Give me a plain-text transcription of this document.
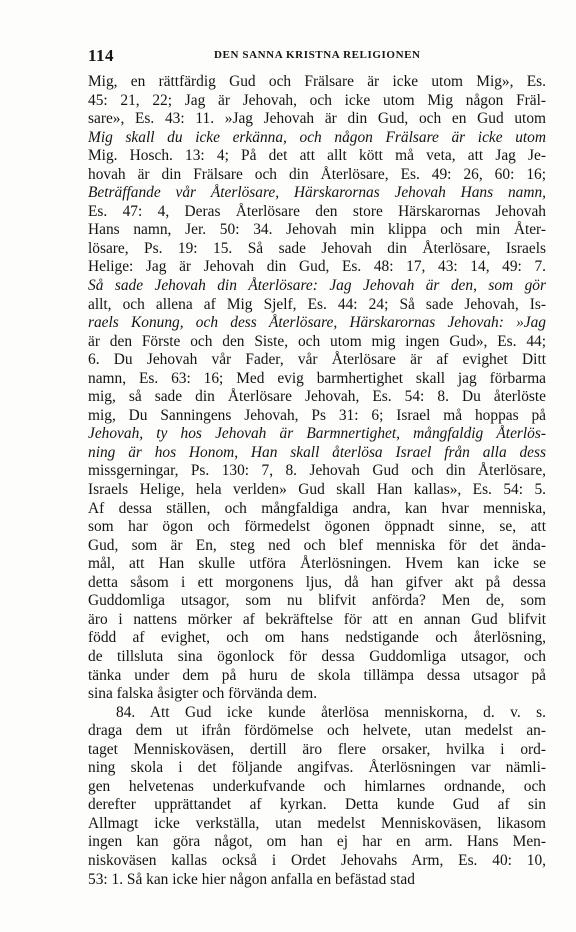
114	DEN SANNA KRISTNA RELIGIONEN
Mig, en rättfärdig Gud och Frälsare är icke utom Mig», Es.
45: 21, 22; Jag är Jehovah, och icke utom Mig någon Fräl-
sare», Es. 43: 11. »Jag Jehovah är din Gud, och en Gud utom
Mig skall du icke erkänna, och någon Frälsare är icke utom
Mig. Hosch. 13: 4; På det att allt kött må veta, att Jag Je-
hovah är din Frälsare och din Återlösare, Es. 49: 26, 60: 16;
Beträffande vår Återlösare, Härskarornas Jehovah Hans namn,
Es. 47: 4, Deras Återlösare den store Härskarornas Jehovah
Hans namn, Jer. 50: 34. Jehovah min klippa och min Åter-
lösare, Ps. 19: 15. Så sade Jehovah din Återlösare, Israels
Helige: Jag är Jehovah din Gud, Es. 48: 17, 43: 14, 49: 7.
Så sade Jehovah din Återlösare: Jag Jehovah är den, som gör
allt, och allena af Mig Sjelf, Es. 44: 24; Så sade Jehovah, Is-
raels Konung, och dess Återlösare, Härskarornas Jehovah: »Jag
är den Förste och den Siste, och utom mig ingen Gud», Es. 44;
6. Du Jehovah vår Fader, vår Återlösare är af evighet Ditt
namn, Es. 63: 16; Med evig barmhertighet skall jag förbarma
mig, så sade din Återlösare Jehovah, Es. 54: 8. Du återlöste
mig, Du Sanningens Jehovah, Ps 31: 6; Israel må hoppas på
Jehovah, ty hos Jehovah är Barmnertighet, mångfaldig Återlös-
ning är hos Honom, Han skall återlösa Israel från alla dess
missgerningar, Ps. 130: 7, 8. Jehovah Gud och din Återlösare,
Israels Helige, hela verlden» Gud skall Han kallas», Es. 54: 5.
Af dessa ställen, och mångfaldiga andra, kan hvar menniska,
som har ögon och förmedelst ögonen öppnadt sinne, se, att
Gud, som är En, steg ned och blef menniska för det ända-
mål, att Han skulle utföra Återlösningen. Hvem kan icke se
detta såsom i ett morgonens ljus, då han gifver akt på dessa
Guddomliga utsagor, som nu blifvit anförda? Men de, som
äro i nattens mörker af bekräftelse för att en annan Gud blifvit
född af evighet, och om hans nedstigande och återlösning,
de tillsluta sina ögonlock för dessa Guddomliga utsagor, och
tänka under dem på huru de skola tillämpa dessa utsagor på
sina falska åsigter och förvända dem.
84. Att Gud icke kunde återlösa menniskorna, d. v. s.
draga dem ut ifrån fördömelse och helvete, utan medelst an-
taget Menniskoväsen, dertill äro flere orsaker, hvilka i ord-
ning skola i det följande angifvas. Återlösningen var nämli-
gen helvetenas underkufvande och himlarnes ordnande, och
derefter upprättandet af kyrkan. Detta kunde Gud af sin
Allmagt icke verkställa, utan medelst Menniskoväsen, likasom
ingen kan göra något, om han ej har en arm. Hans Men-
niskoväsen kallas också i Ordet Jehovahs Arm, Es. 40: 10,
53: 1. Så kan icke hier någon anfalla en befästad stad
